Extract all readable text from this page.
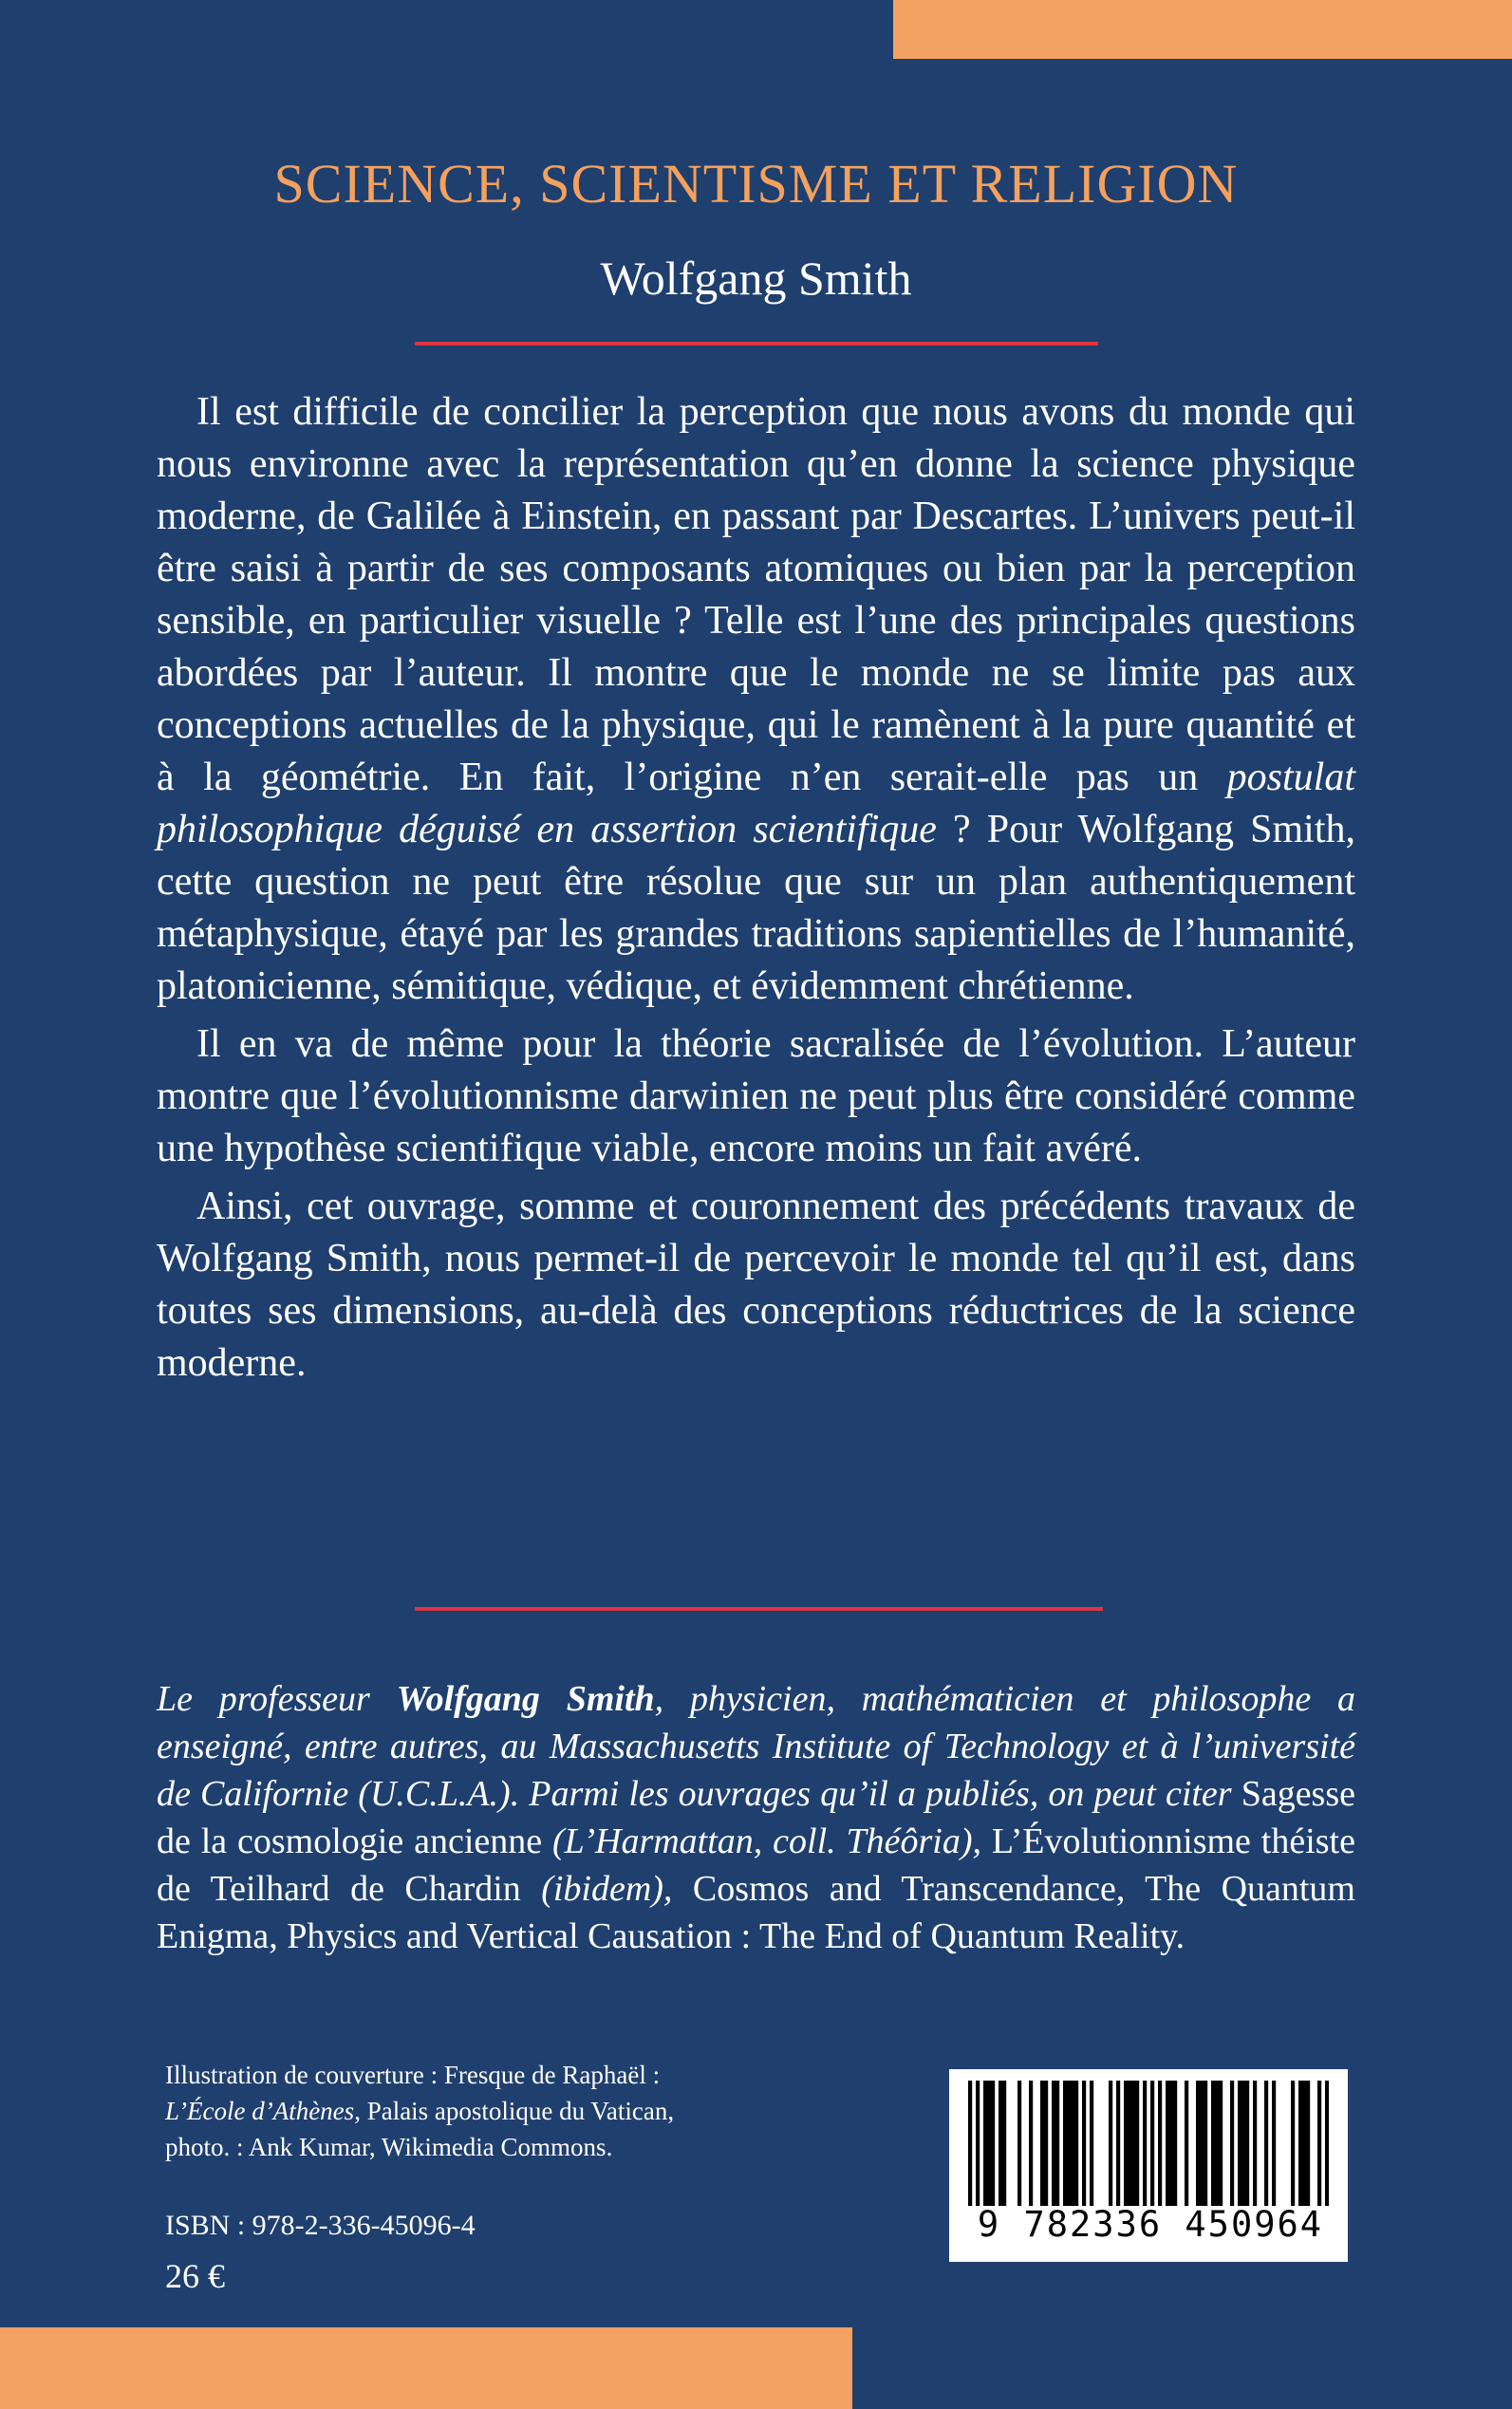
SCIENCE, SCIENTISME ET RELIGION
Wolfgang Smith

Il est difficile de concilier la perception que nous avons du monde qui nous environne avec la représentation qu’en donne la science physique moderne, de Galilée à Einstein, en passant par Descartes. L’univers peut-il être saisi à partir de ses composants atomiques ou bien par la perception sensible, en particulier visuelle ? Telle est l’une des principales questions abordées par l’auteur. Il montre que le monde ne se limite pas aux conceptions actuelles de la physique, qui le ramènent à la pure quantité et à la géométrie. En fait, l’origine n’en serait-elle pas un postulat philosophique déguisé en assertion scientifique ? Pour Wolfgang Smith, cette question ne peut être résolue que sur un plan authentiquement métaphysique, étayé par les grandes traditions sapientielles de l’humanité, platonicienne, sémitique, védique, et évidemment chrétienne.

Il en va de même pour la théorie sacralisée de l’évolution. L’auteur montre que l’évolutionnisme darwinien ne peut plus être considéré comme une hypothèse scientifique viable, encore moins un fait avéré.

Ainsi, cet ouvrage, somme et couronnement des précédents travaux de Wolfgang Smith, nous permet-il de percevoir le monde tel qu’il est, dans toutes ses dimensions, au-delà des conceptions réductrices de la science moderne.

Le professeur Wolfgang Smith, physicien, mathématicien et philosophe a enseigné, entre autres, au Massachusetts Institute of Technology et à l’université de Californie (U.C.L.A.). Parmi les ouvrages qu’il a publiés, on peut citer Sagesse de la cosmologie ancienne (L’Harmattan, coll. Théôria), L’Évolutionnisme théiste de Teilhard de Chardin (ibidem), Cosmos and Transcendance, The Quantum Enigma, Physics and Vertical Causation : The End of Quantum Reality.
Illustration de couverture : Fresque de Raphaël :
L’École d’Athènes, Palais apostolique du Vatican,
photo. : Ank Kumar, Wikimedia Commons.
ISBN : 978-2-336-45096-4
26 €
9 782336 450964
